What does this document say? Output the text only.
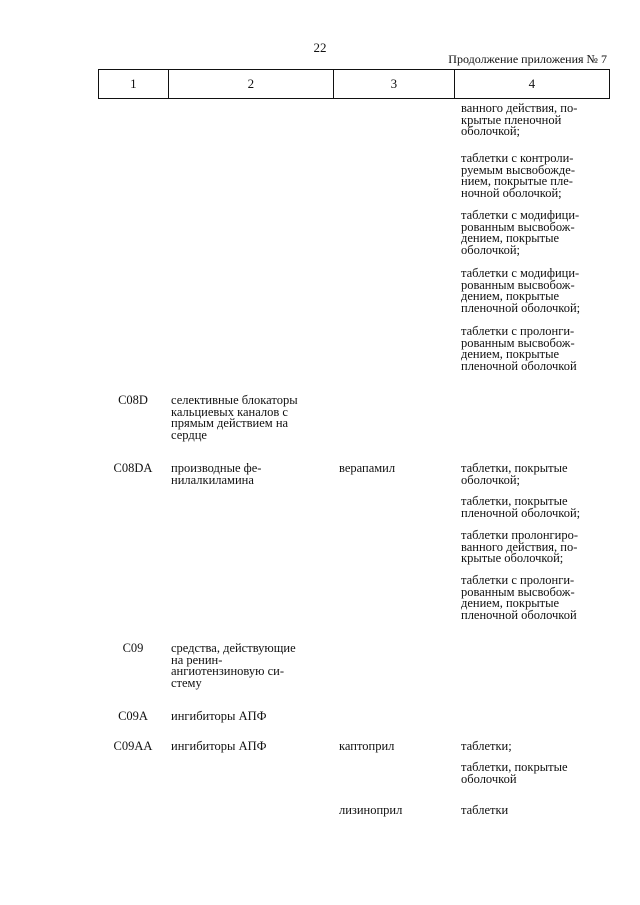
22
Продолжение приложения № 7
1	2	3	4
ванного действия, по-
крытые пленочной
оболочкой;
таблетки с контроли-
руемым высвобожде-
нием, покрытые пле-
ночной оболочкой;
таблетки с модифици-
рованным высвобож-
дением, покрытые
оболочкой;
таблетки с модифици-
рованным высвобож-
дением, покрытые
пленочной оболочкой;
таблетки с пролонги-
рованным высвобож-
дением, покрытые
пленочной оболочкой
C08D	селективные блокаторы
кальциевых каналов с
прямым действием на
сердце
C08DA	производные фе-
нилалкиламина
верапамил	таблетки, покрытые
оболочкой;
таблетки, покрытые
пленочной оболочкой;
таблетки пролонгиро-
ванного действия, по-
крытые оболочкой;
таблетки с пролонги-
рованным высвобож-
дением, покрытые
пленочной оболочкой
C09	средства, действующие
на ренин-
ангиотензиновую си-
стему
C09A	ингибиторы АПФ
C09AA	ингибиторы АПФ	каптоприл	таблетки;
таблетки, покрытые
оболочкой
лизиноприл	таблетки
